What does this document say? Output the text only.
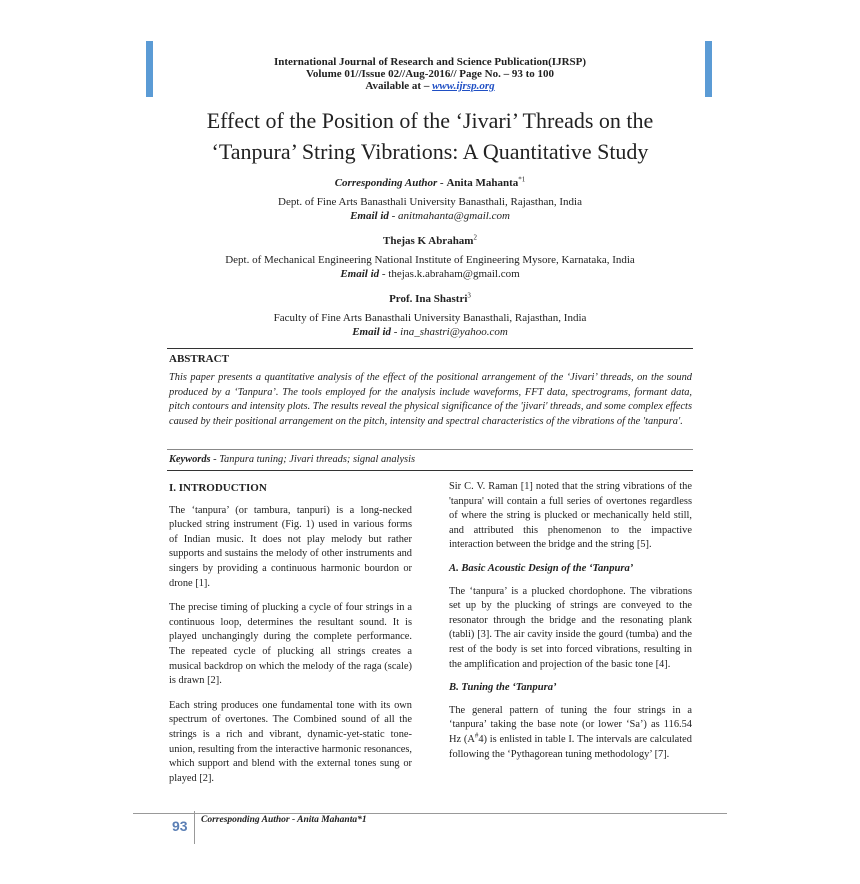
International Journal of Research and Science Publication(IJRSP)
Volume 01//Issue 02//Aug-2016// Page No. – 93 to 100
Available at – www.ijrsp.org
Effect of the Position of the ‘Jivari’ Threads on the
‘Tanpura’ String Vibrations: A Quantitative Study
Corresponding Author - Anita Mahanta$^{*1}$
Dept. of Fine Arts Banasthali University Banasthali, Rajasthan, India
Email id - anitmahanta@gmail.com
Thejas K Abraham$^2$
Dept. of Mechanical Engineering National Institute of Engineering Mysore, Karnataka, India
Email id - thejas.k.abraham@gmail.com
Prof. Ina Shastri$^3$
Faculty of Fine Arts Banasthali University Banasthali, Rajasthan, India
Email id - ina_shastri@yahoo.com
ABSTRACT
This paper presents a quantitative analysis of the effect of the positional arrangement of the ‘Jivari’ threads, on the sound produced by a ‘Tanpura’. The tools employed for the analysis include waveforms, FFT data, spectrograms, formant data, pitch contours and intensity plots. The results reveal the physical significance of the 'jivari' threads, and some complex effects caused by their positional arrangement on the pitch, intensity and spectral characteristics of the vibrations of the 'tanpura'.
Keywords - Tanpura tuning; Jivari threads; signal analysis

I. INTRODUCTION

The ‘tanpura’ (or tambura, tanpuri) is a long-necked plucked string instrument (Fig. 1) used in various forms of Indian music. It does not play melody but rather supports and sustains the melody of other instruments and singers by providing a continuous harmonic bourdon or drone [1].

The precise timing of plucking a cycle of four strings in a continuous loop, determines the resultant sound. It is played unchangingly during the complete performance. The repeated cycle of plucking all strings creates a musical backdrop on which the melody of the raga (scale) is drawn [2].

Each string produces one fundamental tone with its own spectrum of overtones. The Combined sound of all the strings is a rich and vibrant, dynamic-yet-static tone-union, resulting from the interactive harmonic resonances, which support and blend with the external tones sung or played [2].

Sir C. V. Raman [1] noted that the string vibrations of the 'tanpura' will contain a full series of overtones regardless of where the string is plucked or mechanically held still, and attributed this phenomenon to the impactive interaction between the bridge and the string [5].

A. Basic Acoustic Design of the ‘Tanpura’

The ‘tanpura’ is a plucked chordophone. The vibrations set up by the plucking of strings are conveyed to the resonator through the bridge and the resonating plank (tabli) [3]. The air cavity inside the gourd (tumba) and the rest of the body is set into forced vibrations, resulting in the amplification and projection of the basic tone [4].

B. Tuning the ‘Tanpura’

The general pattern of tuning the four strings in a ‘tanpura’ taking the base note (or lower ‘Sa’) as 116.54 Hz (A#4) is enlisted in table I. The intervals are calculated following the ‘Pythagorean tuning methodology’ [7].

93 Corresponding Author - Anita Mahanta*1
